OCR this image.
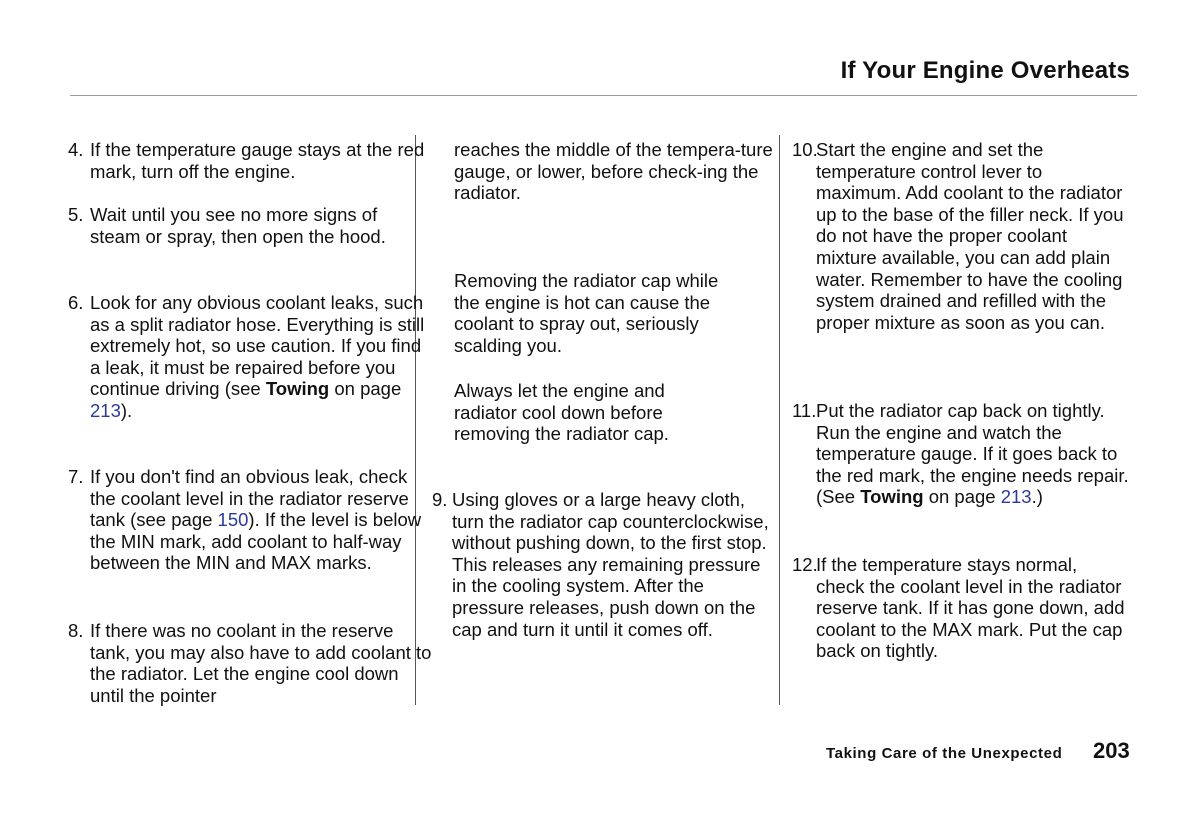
If Your Engine Overheats
4. If the temperature gauge stays at the red mark, turn off the engine.
5. Wait until you see no more signs of steam or spray, then open the hood.
6. Look for any obvious coolant leaks, such as a split radiator hose. Everything is still extremely hot, so use caution. If you find a leak, it must be repaired before you continue driving (see Towing on page 213).
7. If you don't find an obvious leak, check the coolant level in the radiator reserve tank (see page 150). If the level is below the MIN mark, add coolant to half-way between the MIN and MAX marks.
8. If there was no coolant in the reserve tank, you may also have to add coolant to the radiator. Let the engine cool down until the pointer
reaches the middle of the tempera-ture gauge, or lower, before check-ing the radiator.
Removing the radiator cap while the engine is hot can cause the coolant to spray out, seriously scalding you.
Always let the engine and radiator cool down before removing the radiator cap.
9. Using gloves or a large heavy cloth, turn the radiator cap counterclockwise, without pushing down, to the first stop. This releases any remaining pressure in the cooling system. After the pressure releases, push down on the cap and turn it until it comes off.
10.
Start the engine and set the temperature control lever to maximum. Add coolant to the radiator up to the base of the filler neck. If you do not have the proper coolant mixture available, you can add plain water. Remember to have the cooling system drained and refilled with the proper mixture as soon as you can.
11. Put the radiator cap back on tightly. Run the engine and watch the temperature gauge. If it goes back to the red mark, the engine needs repair. (See Towing on page 213.)
12.
If the temperature stays normal, check the coolant level in the radiator reserve tank. If it has gone down, add coolant to the MAX mark. Put the cap back on tightly.
Taking Care of the Unexpected 203
